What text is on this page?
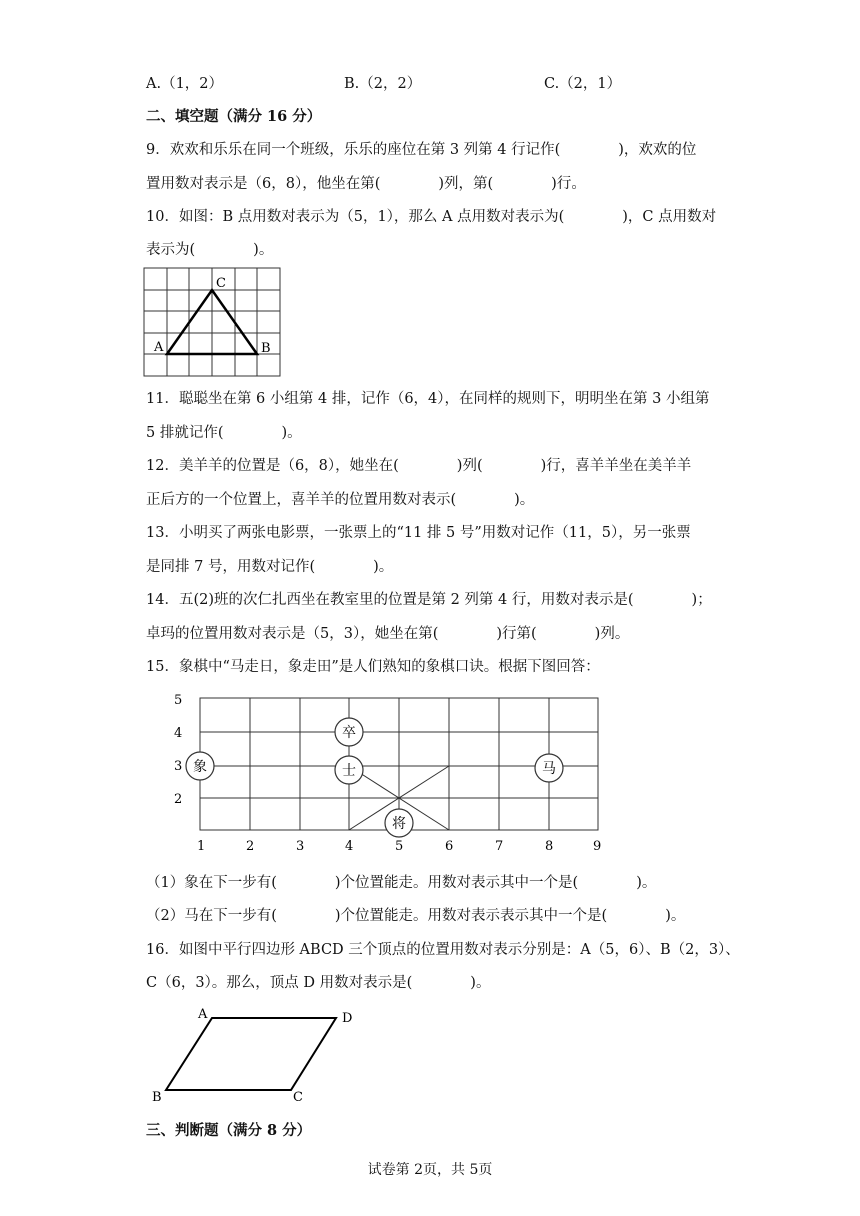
A.（1，2）	B.（2，2）	C.（2，1）
二、填空题（满分 16 分）
9．欢欢和乐乐在同一个班级，乐乐的座位在第 3 列第 4 行记作(　　　　)，欢欢的位
置用数对表示是（6，8），他坐在第(　　　　)列，第(　　　　)行。
10．如图：B 点用数对表示为（5，1），那么 A 点用数对表示为(　　　　)，C 点用数对
表示为(　　　　)。
A	B
C
11．聪聪坐在第 6 小组第 4 排，记作（6，4），在同样的规则下，明明坐在第 3 小组第
5 排就记作(　　　　)。
12．美羊羊的位置是（6，8），她坐在(　　　　)列(　　　　)行，喜羊羊坐在美羊羊
正后方的一个位置上，喜羊羊的位置用数对表示(　　　　)。
13．小明买了两张电影票，一张票上的“11 排 5 号”用数对记作（11，5），另一张票
是同排 7 号，用数对记作(　　　　)。
14．五(2)班的次仁扎西坐在教室里的位置是第 2 列第 4 行，用数对表示是(　　　　)；
卓玛的位置用数对表示是（5，3），她坐在第(　　　　)行第(　　　　)列。
15．象棋中“马走日，象走田”是人们熟知的象棋口诀。根据下图回答：
5
4
3
2
1	2	3	4	5	6	7	8	9
卒
象	士	马
将
（1）象在下一步有(　　　　)个位置能走。用数对表示其中一个是(　　　　)。
（2）马在下一步有(　　　　)个位置能走。用数对表示表示其中一个是(　　　　)。
16．如图中平行四边形 ABCD 三个顶点的位置用数对表示分别是：A（5，6）、B（2，3）、
C（6，3）。那么，顶点 D 用数对表示是(　　　　)。
A	D
B	C
三、判断题（满分 8 分）
试卷第 2页，共 5页
